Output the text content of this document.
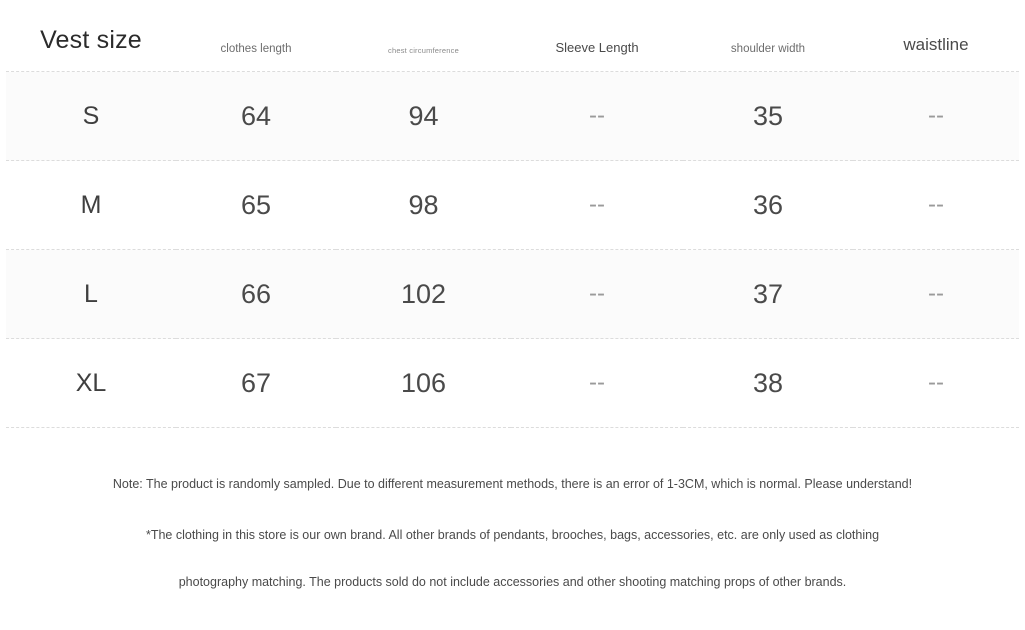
Vest size	clothes length	chest circumference	Sleeve Length	shoulder width	waistline
S	64	94	--	35	--
M	65	98	--	36	--
L	66	102	--	37	--
XL	67	106	--	38	--

Note: The product is randomly sampled. Due to different measurement methods, there is an error of 1-3CM, which is normal. Please understand!

*The clothing in this store is our own brand. All other brands of pendants, brooches, bags, accessories, etc. are only used as clothing

photography matching. The products sold do not include accessories and other shooting matching props of other brands.
